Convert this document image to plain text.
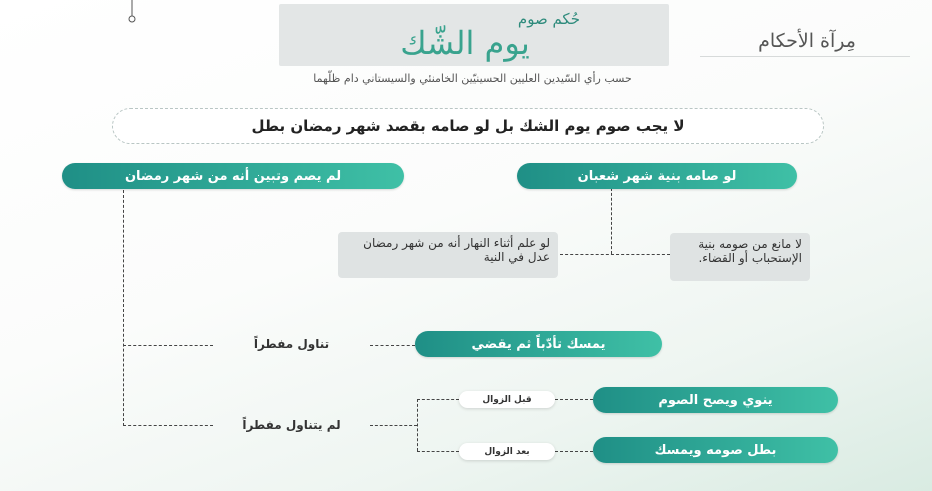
حُكم صوم
يوم الشّك	مِرآة الأحكام
حسب رأي السّيدين العليين الحسينيّين الخامنئي والسيستاني دام ظلّهما
لا يجب صوم يوم الشك بل لو صامه بقصد شهر رمضان بطل
لو صامه بنية شهر شعبان
لا مانع من صومه بنية الإستحباب أو القضاء.
لو علم أثناء النهار أنه من شهر رمضان عدل في النية
لم يصم وتبين أنه من شهر رمضان
تناول مفطراً	يمسك تأدّباً ثم يقضي
لم يتناول مفطراً
قبل الزوال	ينوي ويصح الصوم
بعد الزوال	بطل صومه ويمسك
